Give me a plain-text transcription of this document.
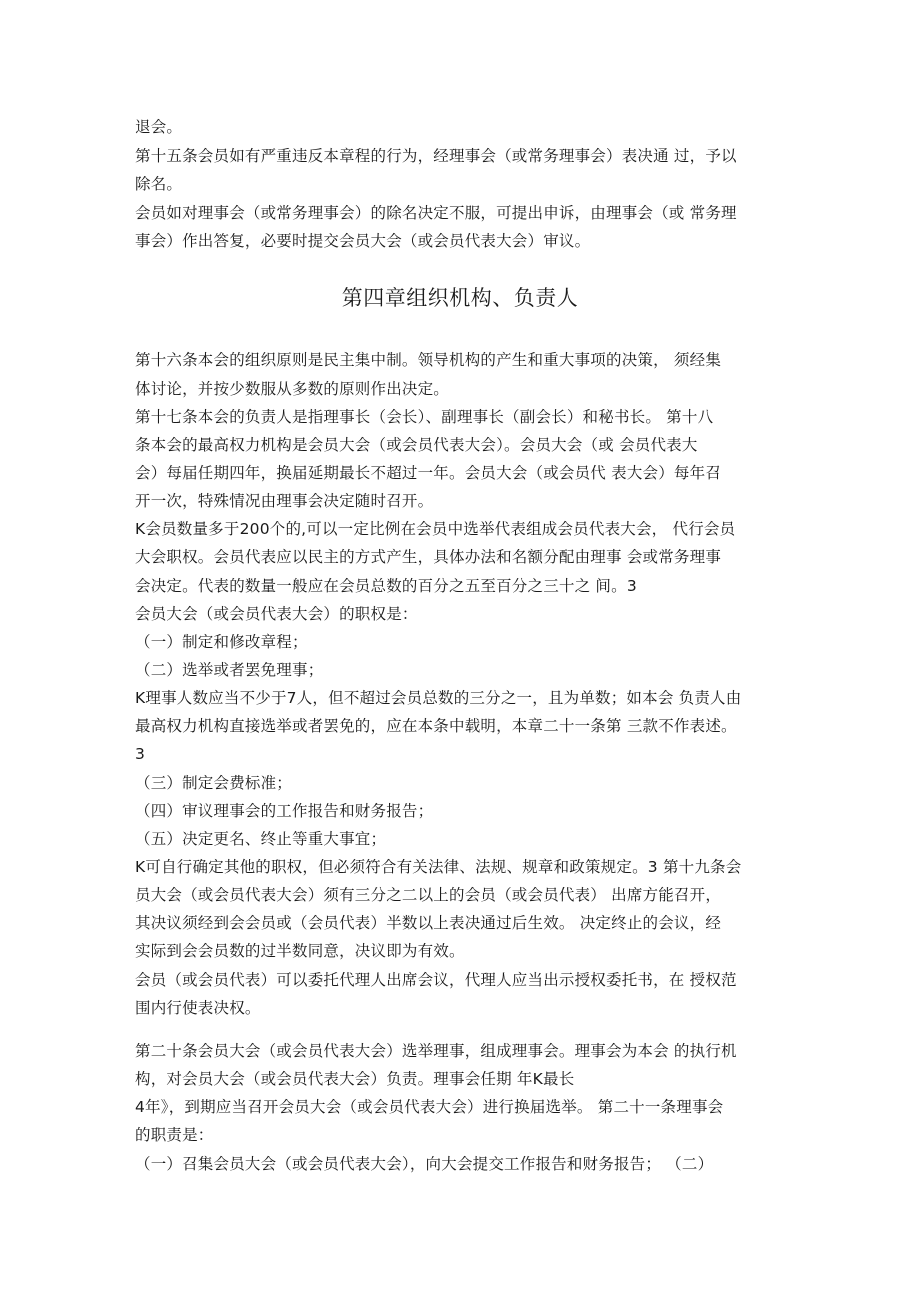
退会。
第十五条会员如有严重违反本章程的行为，经理事会（或常务理事会）表决通 过，予以
除名。
会员如对理事会（或常务理事会）的除名决定不服，可提出申诉，由理事会（或 常务理
事会）作出答复，必要时提交会员大会（或会员代表大会）审议。
第四章组织机构、负责人
第十六条本会的组织原则是民主集中制。领导机构的产生和重大事项的决策， 须经集
体讨论，并按少数服从多数的原则作出决定。
第十七条本会的负责人是指理事长（会长）、副理事长（副会长）和秘书长。 第十八
条本会的最高权力机构是会员大会（或会员代表大会）。会员大会（或 会员代表大
会）每届任期四年，换届延期最长不超过一年。会员大会（或会员代 表大会）每年召
开一次，特殊情况由理事会决定随时召开。
K会员数量多于200个的,可以一定比例在会员中选举代表组成会员代表大会， 代行会员
大会职权。会员代表应以民主的方式产生，具体办法和名额分配由理事 会或常务理事
会决定。代表的数量一般应在会员总数的百分之五至百分之三十之 间。3
会员大会（或会员代表大会）的职权是：
（一）制定和修改章程；
（二）选举或者罢免理事；
K理事人数应当不少于7人，但不超过会员总数的三分之一，且为单数；如本会 负责人由
最高权力机构直接选举或者罢免的，应在本条中载明，本章二十一条第 三款不作表述。
3
（三）制定会费标准；
（四）审议理事会的工作报告和财务报告；
（五）决定更名、终止等重大事宜；
K可自行确定其他的职权，但必须符合有关法律、法规、规章和政策规定。3 第十九条会
员大会（或会员代表大会）须有三分之二以上的会员（或会员代表） 出席方能召开，
其决议须经到会会员或（会员代表）半数以上表决通过后生效。 决定终止的会议，经
实际到会会员数的过半数同意，决议即为有效。
会员（或会员代表）可以委托代理人出席会议，代理人应当出示授权委托书，在 授权范
围内行使表决权。
第二十条会员大会（或会员代表大会）选举理事，组成理事会。理事会为本会 的执行机
构，对会员大会（或会员代表大会）负责。理事会任期 年K最长
4年》，到期应当召开会员大会（或会员代表大会）进行换届选举。 第二十一条理事会
的职责是：
（一）召集会员大会（或会员代表大会），向大会提交工作报告和财务报告； （二）
